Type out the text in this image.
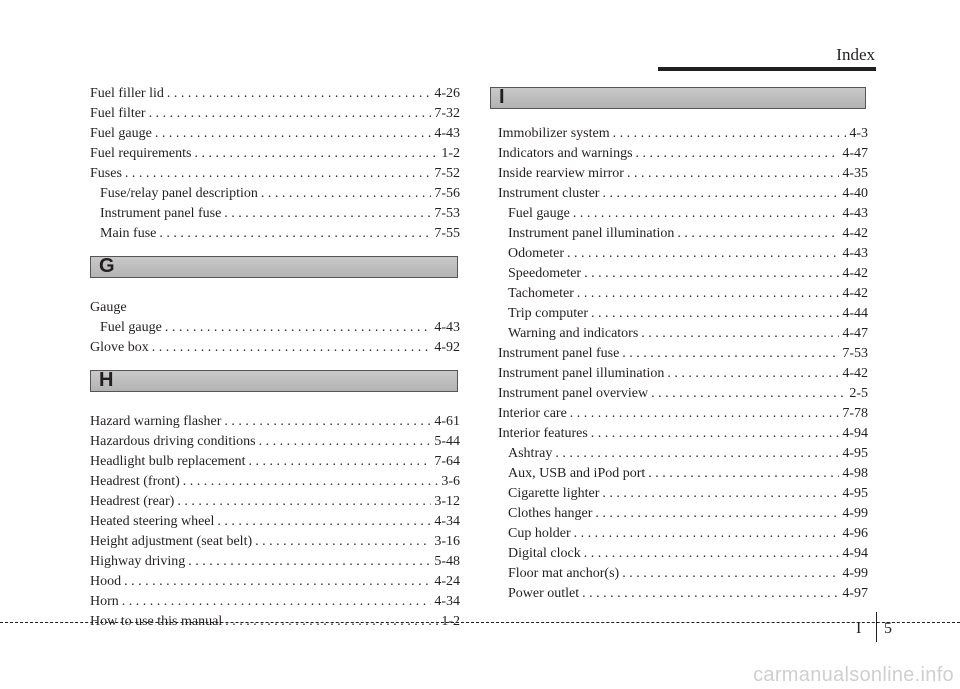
Index
Fuel filler lid . . .	4-26
Fuel filter . . .	7-32
Fuel gauge . . .	4-43
Fuel requirements . . .	1-2
Fuses . . .	7-52
Fuse/relay panel description . . .	7-56
Instrument panel fuse . . .	7-53
Main fuse . . .	7-55
G
Gauge
Fuel gauge . . .	4-43
Glove box . . .	4-92
H
Hazard warning flasher . . .	4-61
Hazardous driving conditions . . .	5-44
Headlight bulb replacement . . .	7-64
Headrest (front) . . .	3-6
Headrest (rear) . . .	3-12
Heated steering wheel . . .	4-34
Height adjustment (seat belt) . . .	3-16
Highway driving . . .	5-48
Hood . . .	4-24
Horn . . .	4-34
How to use this manual . . .	1-2
I
Immobilizer system . . .	4-3
Indicators and warnings . . .	4-47
Inside rearview mirror . . .	4-35
Instrument cluster . . .	4-40
Fuel gauge . . .	4-43
Instrument panel illumination . . .	4-42
Odometer . . .	4-43
Speedometer . . .	4-42
Tachometer . . .	4-42
Trip computer . . .	4-44
Warning and indicators . . .	4-47
Instrument panel fuse . . .	7-53
Instrument panel illumination . . .	4-42
Instrument panel overview . . .	2-5
Interior care . . .	7-78
Interior features . . .	4-94
Ashtray . . .	4-95
Aux, USB and iPod port . . .	4-98
Cigarette lighter . . .	4-95
Clothes hanger . . .	4-99
Cup holder . . .	4-96
Digital clock . . .	4-94
Floor mat anchor(s) . . .	4-99
Power outlet . . .	4-97
I 5
carmanualsonline.info
